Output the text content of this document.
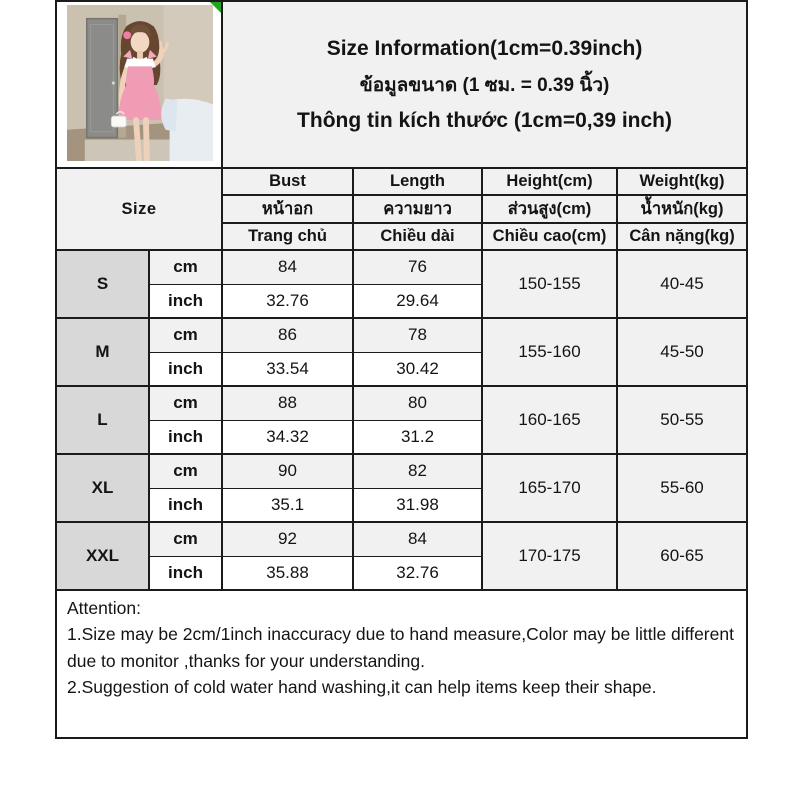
Size Information(1cm=0.39inch)
ข้อมูลขนาด (1 ซม. = 0.39 นิ้ว)
Thông tin kích thước (1cm=0,39 inch)			

Size		Bust	Length	Height(cm)	Weight(kg)
		หน้าอก	ความยาว	ส่วนสูง(cm)	น้ำหนัก(kg)
		Trang chủ	Chiều dài	Chiều cao(cm)	Cân nặng(kg)
S	cm	84	76	150-155	40-45
	inch	32.76	29.64		
M	cm	86	78	155-160	45-50
	inch	33.54	30.42		
L	cm	88	80	160-165	50-55
	inch	34.32	31.2		
XL	cm	90	82	165-170	55-60
	inch	35.1	31.98		
XXL	cm	92	84	170-175	60-65
	inch	35.88	32.76		

Attention:
1.Size may be 2cm/1inch inaccuracy due to hand measure,Color may be little different due to monitor ,thanks for your understanding.
2.Suggestion of cold water hand washing,it can help items keep their shape.					
